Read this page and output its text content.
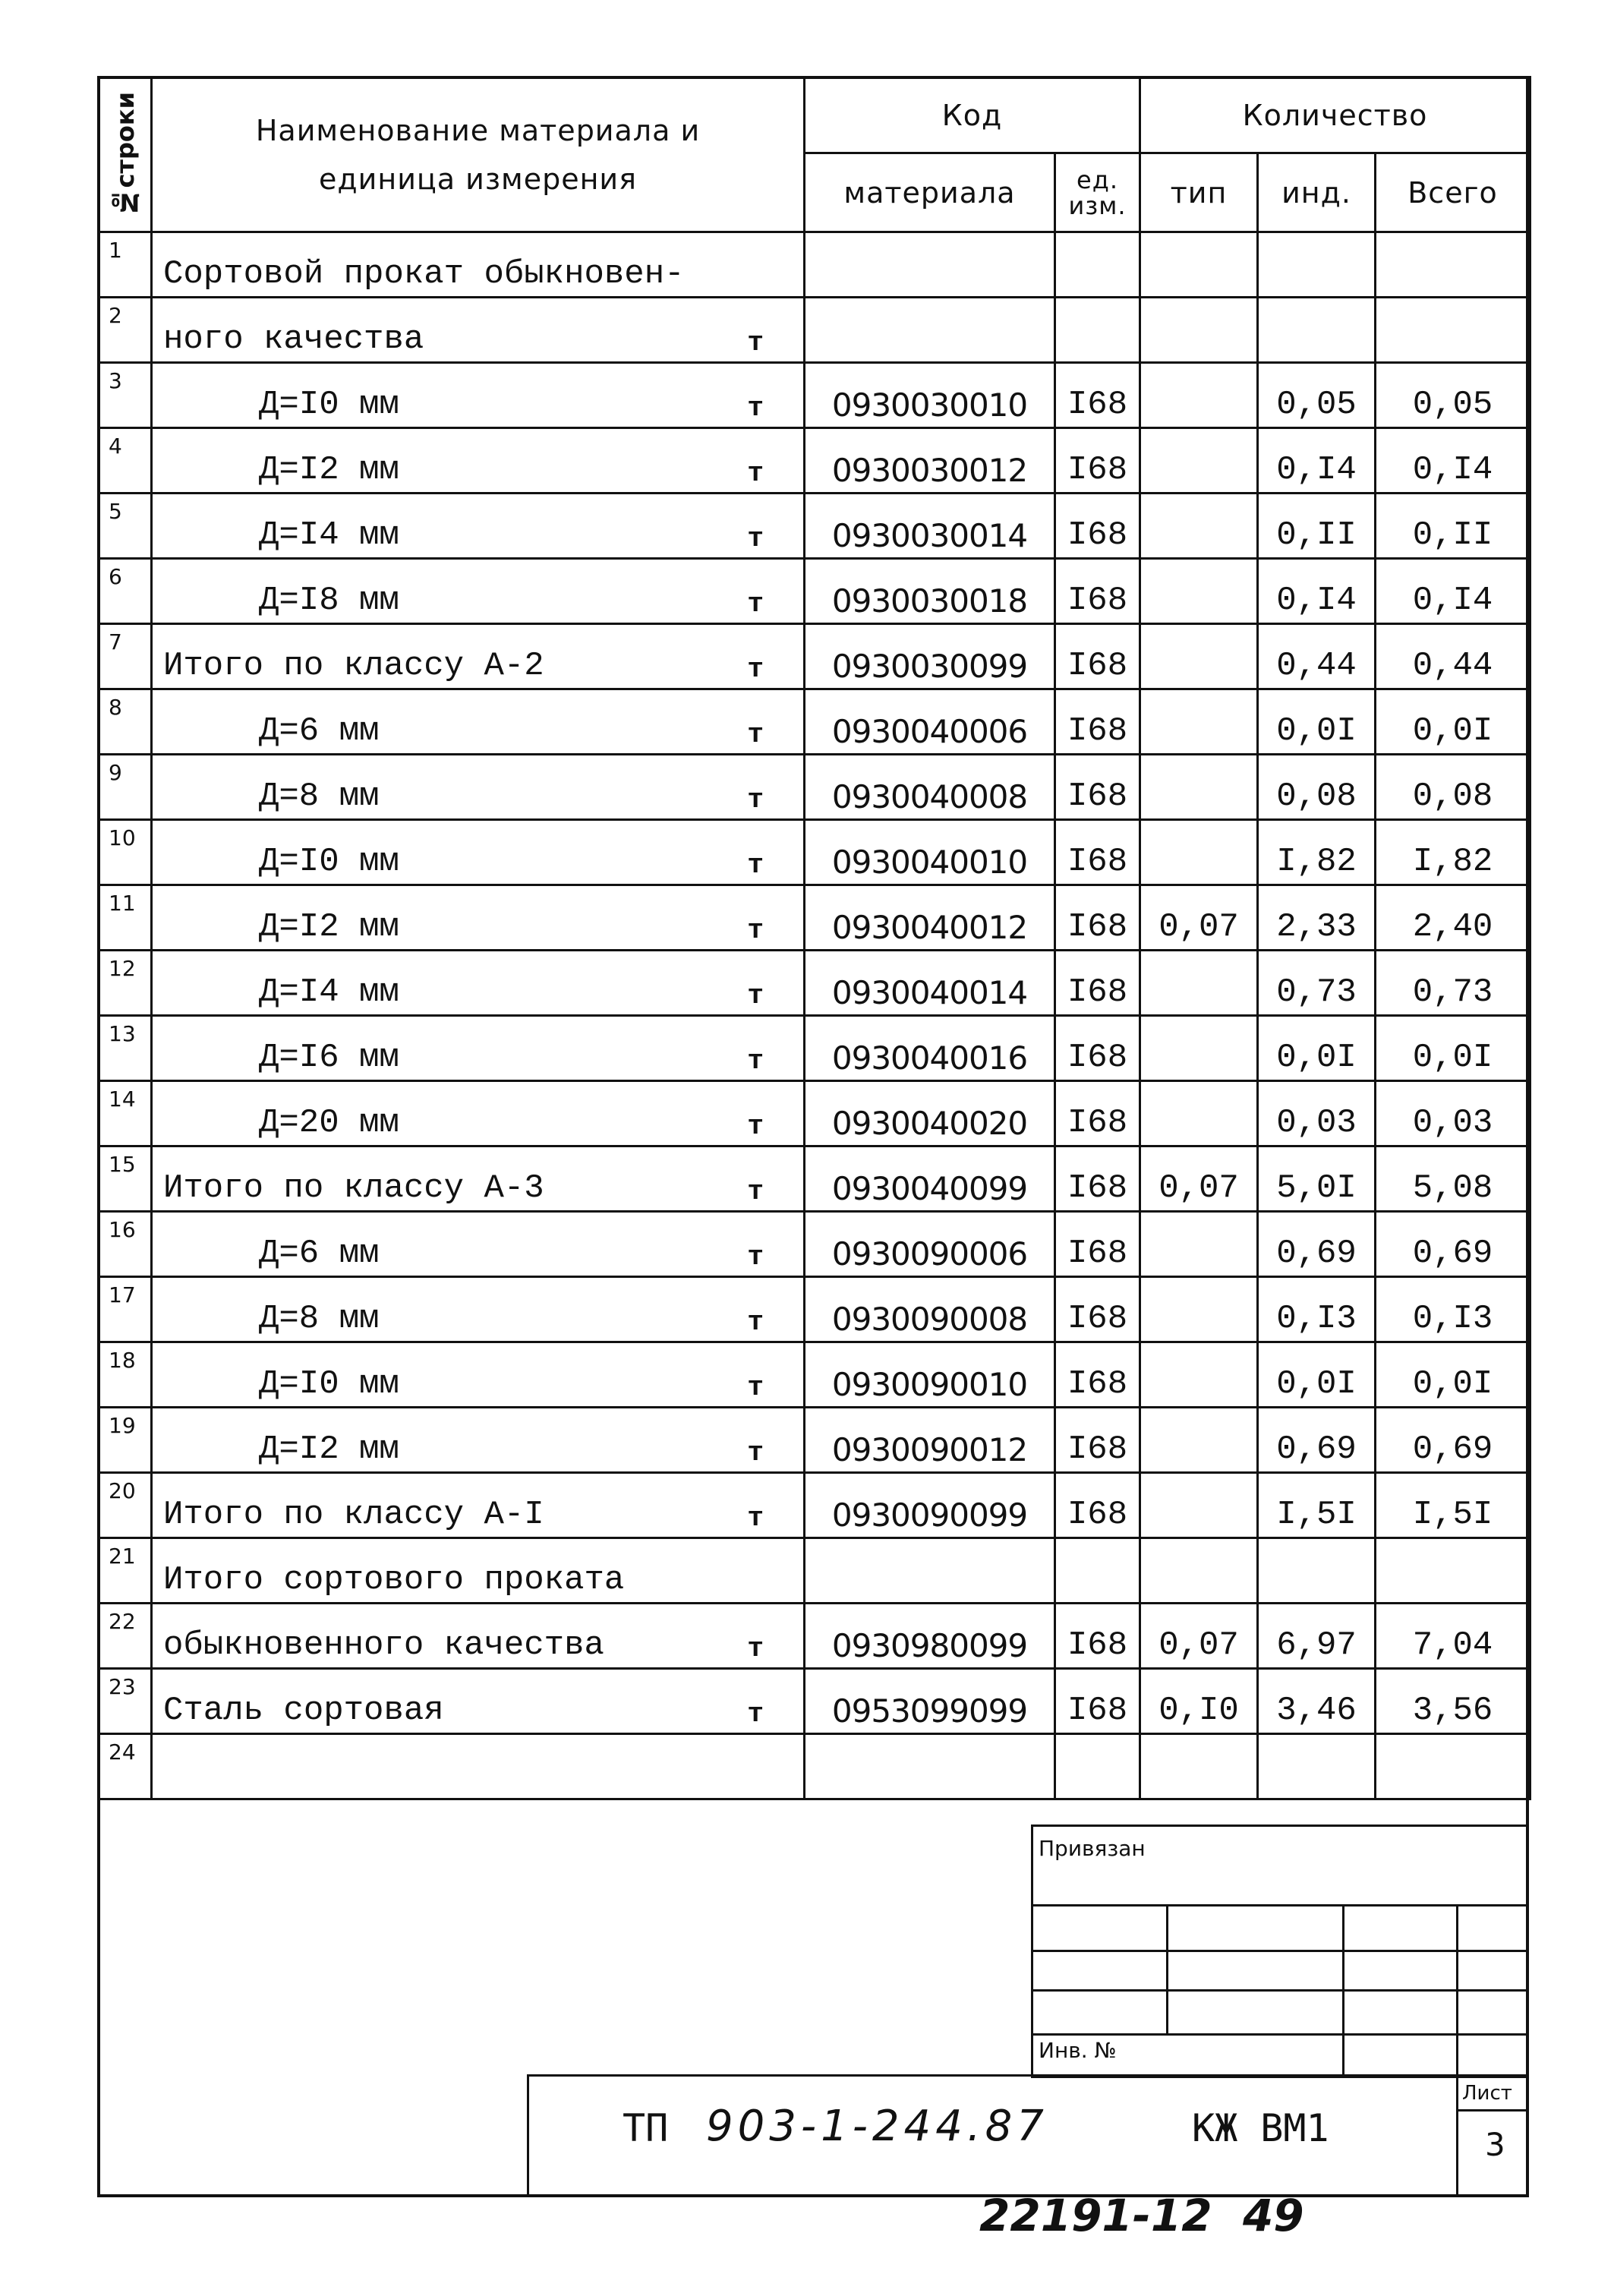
№строки	Наименование материала и единица измерения	Код		Количество		
		материала	ед. изм.	тип	инд.	Всего
1	Сортовой прокат обыкновен-					

2	ного качества т					

3	Д=I0 мм т	0930030010	I68		0,05	0,05
4	Д=I2 мм т	0930030012	I68		0,I4	0,I4
5	Д=I4 мм т	0930030014	I68		0,II	0,II
6	Д=I8 мм т	0930030018	I68		0,I4	0,I4
7	Итого по классу А-2 т	0930030099	I68		0,44	0,44
8	Д=6 мм т	0930040006	I68		0,0I	0,0I
9	Д=8 мм т	0930040008	I68		0,08	0,08
10	Д=I0 мм т	0930040010	I68		I,82	I,82
11	Д=I2 мм т	0930040012	I68	0,07	2,33	2,40
12	Д=I4 мм т	0930040014	I68		0,73	0,73
13	Д=I6 мм т	0930040016	I68		0,0I	0,0I
14	Д=20 мм т	0930040020	I68		0,03	0,03
15	Итого по классу А-3 т	0930040099	I68	0,07	5,0I	5,08
16	Д=6 мм т	0930090006	I68		0,69	0,69
17	Д=8 мм т	0930090008	I68		0,I3	0,I3
18	Д=I0 мм т	0930090010	I68		0,0I	0,0I
19	Д=I2 мм т	0930090012	I68		0,69	0,69
20	Итого по классу А-I т	0930090099	I68		I,5I	I,5I
21	Итого сортового проката					

22	обыкновенного качества т	0930980099	I68	0,07	6,97	7,04
23	Сталь сортовая т	0953099099	I68	0,I0	3,46	3,56
24	

Привязан
Инв. №
Лист
3
ТП 903-1-244.87	КЖ ВМ1
22191-12  49
